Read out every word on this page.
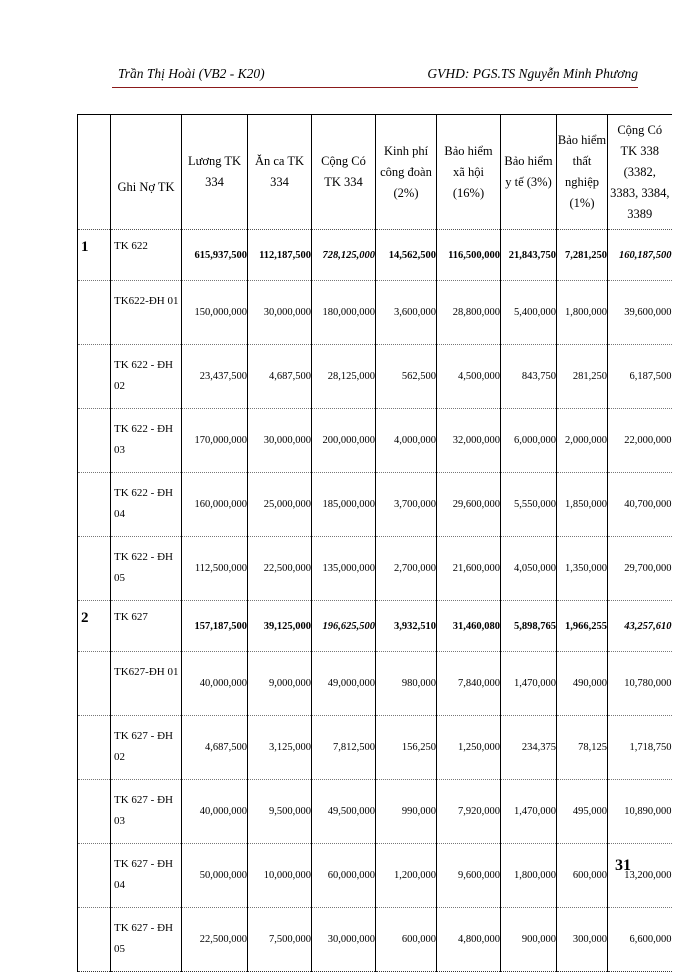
Trần Thị Hoài (VB2 - K20)	GVHD: PGS.TS Nguyễn Minh Phương

	Ghi Nợ TK	Lương TK 334	Ăn ca TK 334	Cộng Có TK 334	Kinh phí công đoàn (2%)	Bảo hiểm xã hội (16%)	Bảo hiểm y tế (3%)	Bảo hiểm thất nghiệp (1%)	Cộng Có TK 338 (3382, 3383, 3384, 3389
1	TK 622	615,937,500	112,187,500	728,125,000	14,562,500	116,500,000	21,843,750	7,281,250	160,187,500
	TK622-ĐH 01	150,000,000	30,000,000	180,000,000	3,600,000	28,800,000	5,400,000	1,800,000	39,600,000
	TK 622 - ĐH 02	23,437,500	4,687,500	28,125,000	562,500	4,500,000	843,750	281,250	6,187,500
	TK 622 - ĐH 03	170,000,000	30,000,000	200,000,000	4,000,000	32,000,000	6,000,000	2,000,000	22,000,000
	TK 622 - ĐH 04	160,000,000	25,000,000	185,000,000	3,700,000	29,600,000	5,550,000	1,850,000	40,700,000
	TK 622 - ĐH 05	112,500,000	22,500,000	135,000,000	2,700,000	21,600,000	4,050,000	1,350,000	29,700,000
2	TK 627	157,187,500	39,125,000	196,625,500	3,932,510	31,460,080	5,898,765	1,966,255	43,257,610
	TK627-ĐH 01	40,000,000	9,000,000	49,000,000	980,000	7,840,000	1,470,000	490,000	10,780,000
	TK 627 - ĐH 02	4,687,500	3,125,000	7,812,500	156,250	1,250,000	234,375	78,125	1,718,750
	TK 627 - ĐH 03	40,000,000	9,500,000	49,500,000	990,000	7,920,000	1,470,000	495,000	10,890,000
	TK 627 - ĐH 04	50,000,000	10,000,000	60,000,000	1,200,000	9,600,000	1,800,000	600,000	13,200,000
	TK 627 - ĐH 05	22,500,000	7,500,000	30,000,000	600,000	4,800,000	900,000	300,000	6,600,000
31
